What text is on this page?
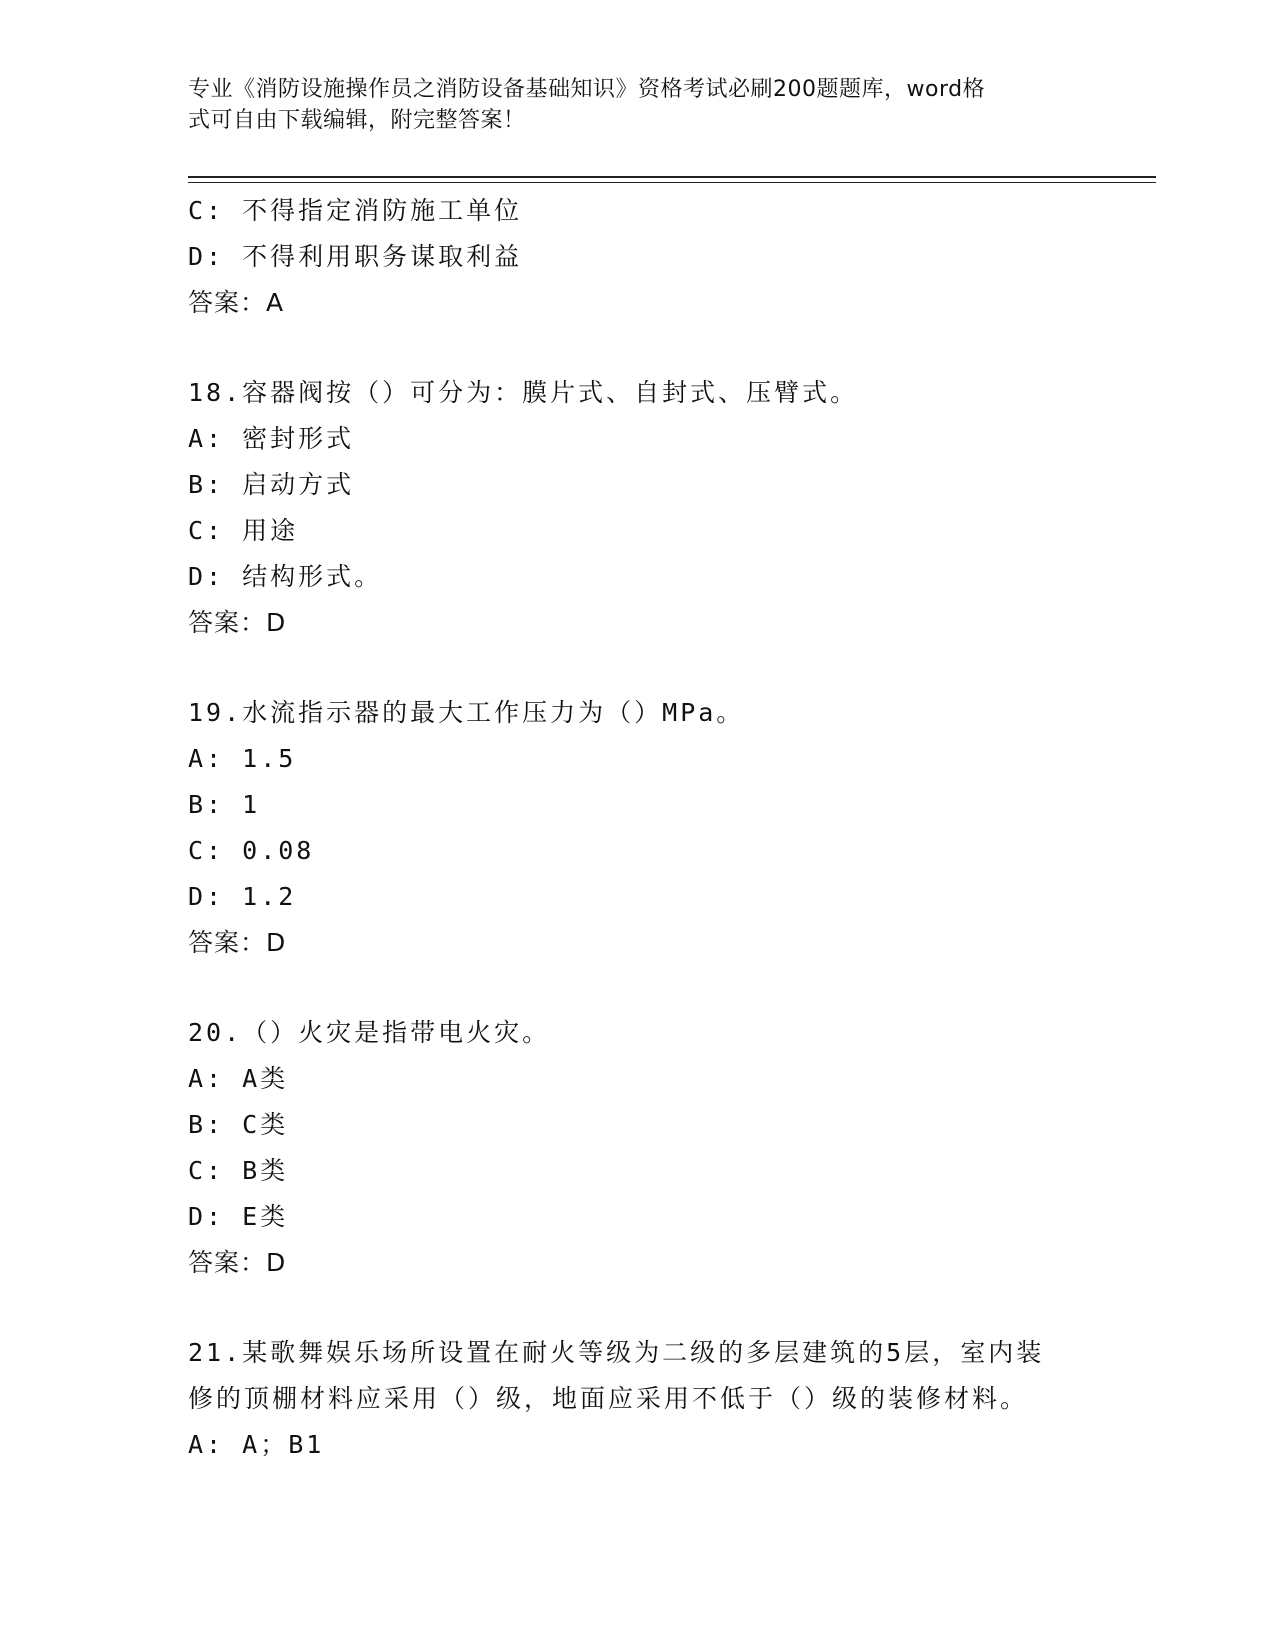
专业《消防设施操作员之消防设备基础知识》资格考试必刷200题题库，word格
式可自由下载编辑，附完整答案！
C: 不得指定消防施工单位
D: 不得利用职务谋取利益
答案：A
18.容器阀按（）可分为：膜片式、自封式、压臂式。
A: 密封形式
B: 启动方式
C: 用途
D: 结构形式。
答案：D
19.水流指示器的最大工作压力为（）MPa。
A: 1.5
B: 1
C: 0.08
D: 1.2
答案：D
20.（）火灾是指带电火灾。
A: A类
B: C类
C: B类
D: E类
答案：D
21.某歌舞娱乐场所设置在耐火等级为二级的多层建筑的5层，室内装
修的顶棚材料应采用（）级，地面应采用不低于（）级的装修材料。
A: A；B1
